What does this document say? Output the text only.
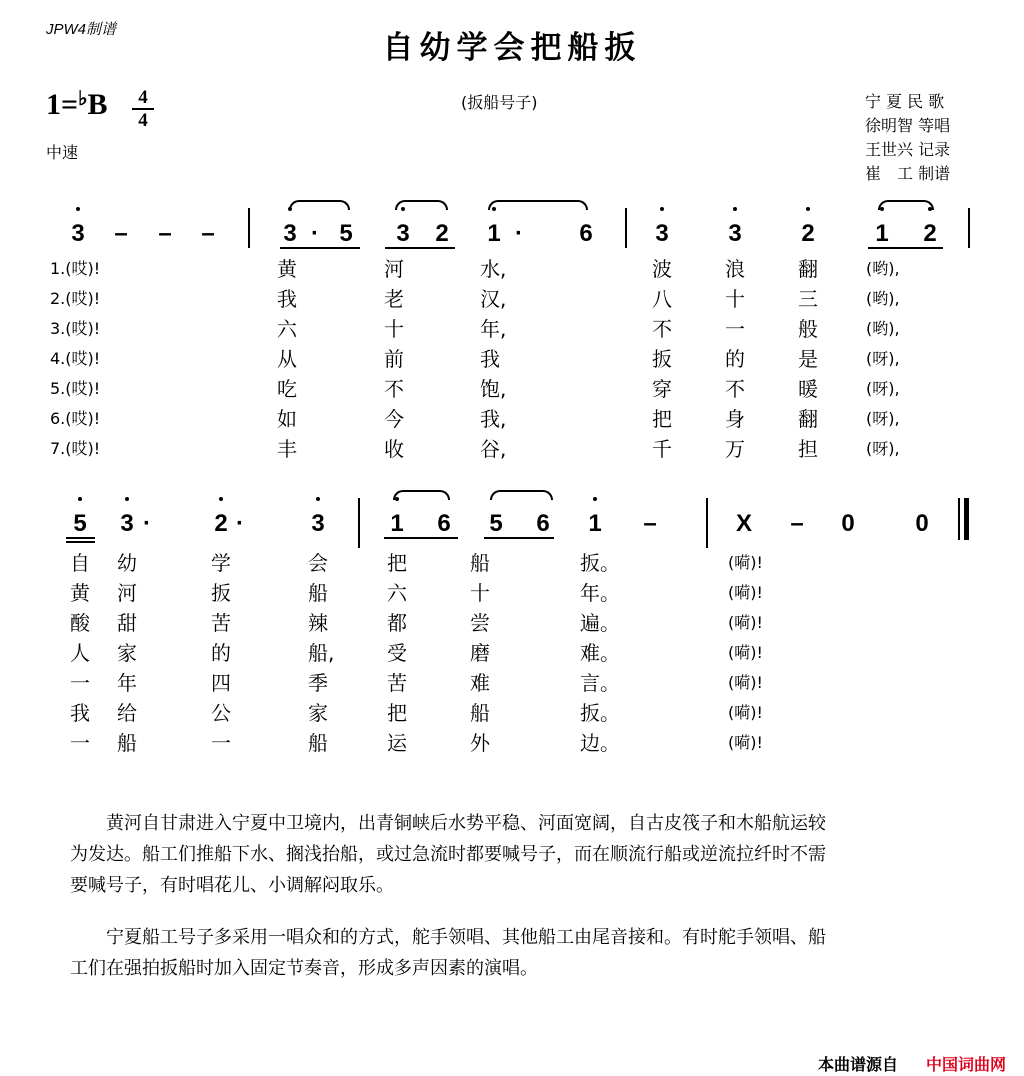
JPW4制谱
自幼学会把船扳
1=♭B	4
4
中速
(扳船号子)	宁 夏 民 歌
徐明智 等唱
王世兴 记录
崔　工 制谱
3 – – –	3 · 5 3 2 1 ·	6	3 3 2	1 2
1.(哎)!	黄	河	水,	波	浪	翻	(哟),
2.(哎)!	我	老	汉,	八	十	三	(哟),
3.(哎)!	六	十	年,	不	一	般	(哟),
4.(哎)!	从	前	我	扳	的	是	(呀),
5.(哎)!	吃	不	饱,	穿	不	暖	(呀),
6.(哎)!	如	今	我,	把	身	翻	(呀),
7.(哎)!	丰	收	谷,	千	万	担	(呀),
5 3 ·	2 ·	3	1 6 5 6 1 –	X – 0	0
自 幼	学	会	把	船	扳。	(嗬)!
黄 河	扳	船	六	十	年。	(嗬)!
酸 甜	苦	辣	都	尝	遍。	(嗬)!
人 家	的	船,	受	磨	难。	(嗬)!
一 年	四	季	苦	难	言。	(嗬)!
我 给	公	家	把	船	扳。	(嗬)!
一 船	一	船	运	外	边。	(嗬)!
　　黄河自甘肃进入宁夏中卫境内，出青铜峡后水势平稳、河面宽阔，自古皮筏子和木船航运较
为发达。船工们推船下水、搁浅抬船，或过急流时都要喊号子，而在顺流行船或逆流拉纤时不需
要喊号子，有时唱花儿、小调解闷取乐。
　　宁夏船工号子多采用一唱众和的方式，舵手领唱、其他船工由尾音接和。有时舵手领唱、船
工们在强拍扳船时加入固定节奏音，形成多声因素的演唱。
本曲谱源自 中国词曲网
